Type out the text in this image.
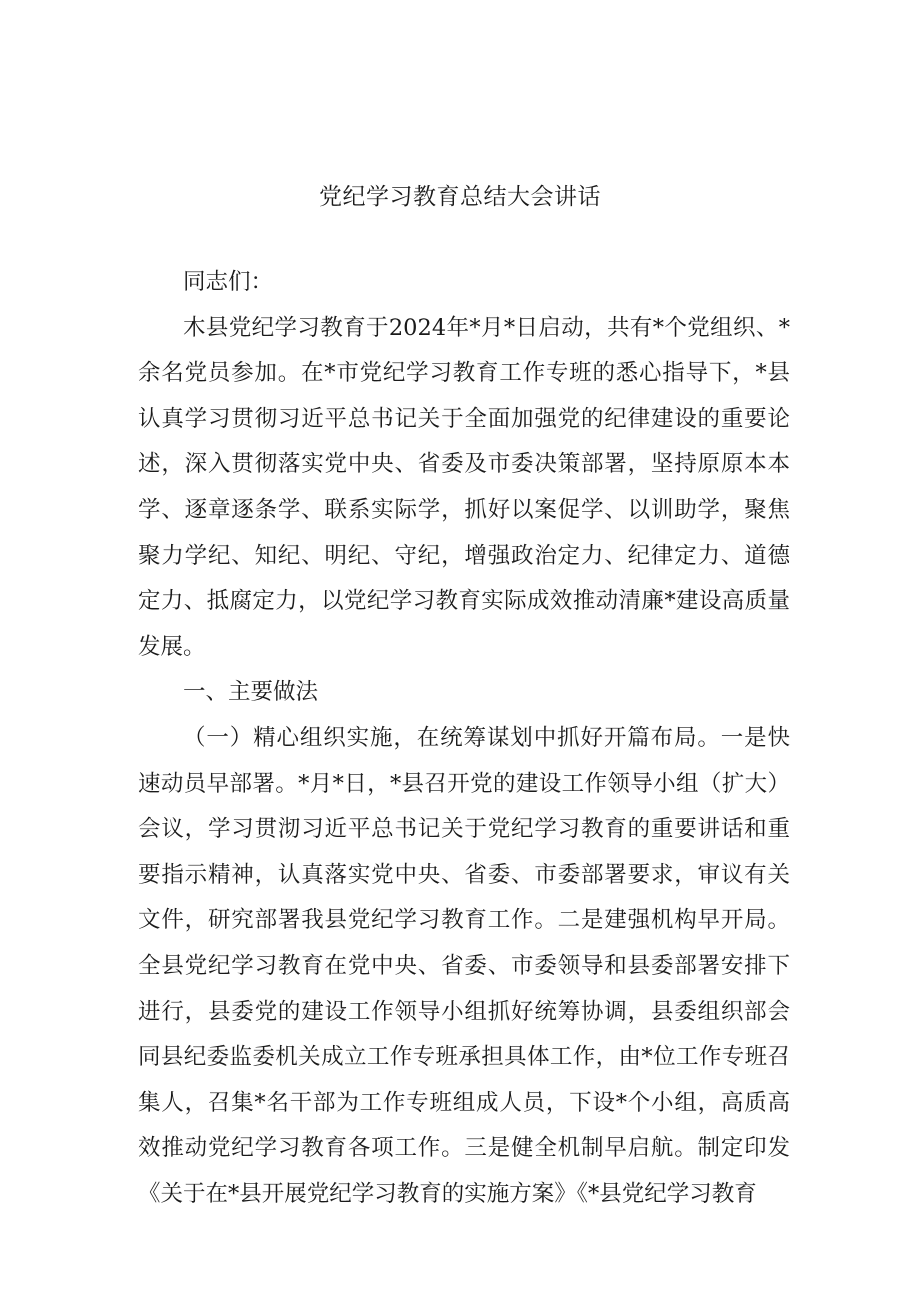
党纪学习教育总结大会讲话

同志们：

木县党纪学习教育于2024年*月*日启动，共有*个党组织、*余名党员参加。在*市党纪学习教育工作专班的悉心指导下，*县认真学习贯彻习近平总书记关于全面加强党的纪律建设的重要论述，深入贯彻落实党中央、省委及市委决策部署，坚持原原本本学、逐章逐条学、联系实际学，抓好以案促学、以训助学，聚焦聚力学纪、知纪、明纪、守纪，增强政治定力、纪律定力、道德定力、抵腐定力，以党纪学习教育实际成效推动清廉*建设高质量发展。

一、主要做法

（一）精心组织实施，在统筹谋划中抓好开篇布局。一是快速动员早部署。*月*日，*县召开党的建设工作领导小组（扩大）会议，学习贯沏习近平总书记关于党纪学习教育的重要讲话和重要指示精神，认真落实党中央、省委、市委部署要求，审议有关文件，研究部署我县党纪学习教育工作。二是建强机构早开局。全县党纪学习教育在党中央、省委、市委领导和县委部署安排下进行，县委党的建设工作领导小组抓好统筹协调，县委组织部会同县纪委监委机关成立工作专班承担具体工作，由*位工作专班召集人，召集*名干部为工作专班组成人员，下设*个小组，高质高效推动党纪学习教育各项工作。三是健全机制早启航。制定印发《关于在*县开展党纪学习教育的实施方案》《*县党纪学习教育
